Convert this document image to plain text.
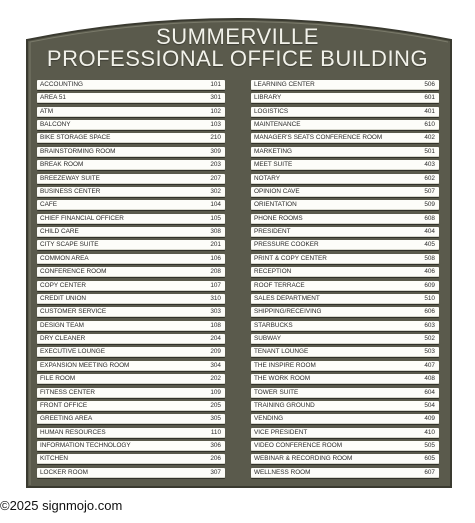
SUMMERVILLE
PROFESSIONAL OFFICE BUILDING
ACCOUNTING	101
AREA 51	301
ATM	102
BALCONY	103
BIKE STORAGE SPACE	210
BRAINSTORMING ROOM	309
BREAK ROOM	203
BREEZEWAY SUITE	207
BUSINESS CENTER	302
CAFE	104
CHIEF FINANCIAL OFFICER	105
CHILD CARE	308
CITY SCAPE SUITE	201
COMMON AREA	106
CONFERENCE ROOM	208
COPY CENTER	107
CREDIT UNION	310
CUSTOMER SERVICE	303
DESIGN TEAM	108
DRY CLEANER	204
EXECUTIVE LOUNGE	209
EXPANSION MEETING ROOM	304
FILE ROOM	202
FITNESS CENTER	109
FRONT OFFICE	205
GREETING AREA	305
HUMAN RESOURCES	110
INFORMATION TECHNOLOGY	306
KITCHEN	206
LOCKER ROOM	307
LEARNING CENTER	506
LIBRARY	601
LOGISTICS	401
MAINTENANCE	610
MANAGER'S SEATS CONFERENCE ROOM	402
MARKETING	501
MEET SUITE	403
NOTARY	602
OPINION CAVE	507
ORIENTATION	509
PHONE ROOMS	608
PRESIDENT	404
PRESSURE COOKER	405
PRINT & COPY CENTER	508
RECEPTION	406
ROOF TERRACE	609
SALES DEPARTMENT	510
SHIPPING/RECEIVING	606
STARBUCKS	603
SUBWAY	502
TENANT LOUNGE	503
THE INSPIRE ROOM	407
THE WORK ROOM	408
TOWER SUITE	604
TRAINING GROUND	504
VENDING	409
VICE PRESIDENT	410
VIDEO CONFERENCE ROOM	505
WEBINAR & RECORDING ROOM	605
WELLNESS ROOM	607
©2025 signmojo.com
